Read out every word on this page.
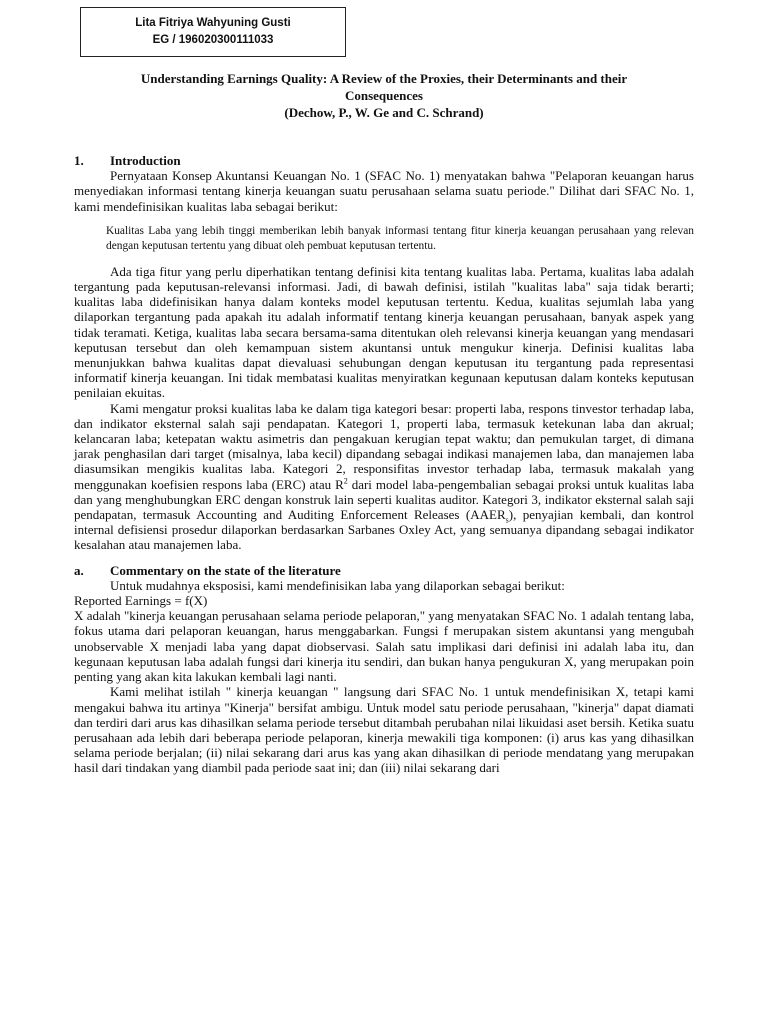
Lita Fitriya Wahyuning Gusti
EG / 196020300111033
Understanding Earnings Quality: A Review of the Proxies, their Determinants and their
Consequences
(Dechow, P., W. Ge and C. Schrand)
1.	Introduction

Pernyataan Konsep Akuntansi Keuangan No. 1 (SFAC No. 1) menyatakan bahwa "Pelaporan keuangan harus menyediakan informasi tentang kinerja keuangan suatu perusahaan selama suatu periode." Dilihat dari SFAC No. 1, kami mendefinisikan kualitas laba sebagai berikut:

Kualitas Laba yang lebih tinggi memberikan lebih banyak informasi tentang fitur kinerja keuangan perusahaan yang relevan dengan keputusan tertentu yang dibuat oleh pembuat keputusan tertentu.

Ada tiga fitur yang perlu diperhatikan tentang definisi kita tentang kualitas laba. Pertama, kualitas laba adalah tergantung pada keputusan-relevansi informasi. Jadi, di bawah definisi, istilah "kualitas laba" saja tidak berarti; kualitas laba didefinisikan hanya dalam konteks model keputusan tertentu. Kedua, kualitas sejumlah laba yang dilaporkan tergantung pada apakah itu adalah informatif tentang kinerja keuangan perusahaan, banyak aspek yang tidak teramati. Ketiga, kualitas laba secara bersama-sama ditentukan oleh relevansi kinerja keuangan yang mendasari keputusan tersebut dan oleh kemampuan sistem akuntansi untuk mengukur kinerja. Definisi kualitas laba menunjukkan bahwa kualitas dapat dievaluasi sehubungan dengan keputusan itu tergantung pada representasi informatif kinerja keuangan. Ini tidak membatasi kualitas menyiratkan kegunaan keputusan dalam konteks keputusan penilaian ekuitas.

Kami mengatur proksi kualitas laba ke dalam tiga kategori besar: properti laba, respons tinvestor terhadap laba, dan indikator eksternal salah saji pendapatan. Kategori 1, properti laba, termasuk ketekunan laba dan akrual; kelancaran laba; ketepatan waktu asimetris dan pengakuan kerugian tepat waktu; dan pemukulan target, di dimana jarak penghasilan dari target (misalnya, laba kecil) dipandang sebagai indikasi manajemen laba, dan manajemen laba diasumsikan mengikis kualitas laba. Kategori 2, responsifitas investor terhadap laba, termasuk makalah yang menggunakan koefisien respons laba (ERC) atau $R^2$ dari model laba-pengembalian sebagai proksi untuk kualitas laba dan yang menghubungkan ERC dengan konstruk lain seperti kualitas auditor. Kategori 3, indikator eksternal salah saji pendapatan, termasuk Accounting and Auditing Enforcement Releases $(AAER_s)$, penyajian kembali, dan kontrol internal defisiensi prosedur dilaporkan berdasarkan Sarbanes Oxley Act, yang semuanya dipandang sebagai indikator kesalahan atau manajemen laba.

a.	Commentary on the state of the literature

Untuk mudahnya eksposisi, kami mendefinisikan laba yang dilaporkan sebagai berikut:

Reported Earnings = f(X)

X adalah "kinerja keuangan perusahaan selama periode pelaporan," yang menyatakan SFAC No. 1 adalah tentang laba, fokus utama dari pelaporan keuangan, harus menggabarkan. Fungsi f merupakan sistem akuntansi yang mengubah unobservable X menjadi laba yang dapat diobservasi. Salah satu implikasi dari definisi ini adalah laba itu, dan kegunaan keputusan laba adalah fungsi dari kinerja itu sendiri, dan bukan hanya pengukuran X, yang merupakan poin penting yang akan kita lakukan kembali lagi nanti.

Kami melihat istilah " kinerja keuangan " langsung dari SFAC No. 1 untuk mendefinisikan X, tetapi kami mengakui bahwa itu artinya "Kinerja" bersifat ambigu. Untuk model satu periode perusahaan, "kinerja" dapat diamati dan terdiri dari arus kas dihasilkan selama periode tersebut ditambah perubahan nilai likuidasi aset bersih. Ketika suatu perusahaan ada lebih dari beberapa periode pelaporan, kinerja mewakili tiga komponen: (i) arus kas yang dihasilkan selama periode berjalan; (ii) nilai sekarang dari arus kas yang akan dihasilkan di periode mendatang yang merupakan hasil dari tindakan yang diambil pada periode saat ini; dan (iii) nilai sekarang dari
